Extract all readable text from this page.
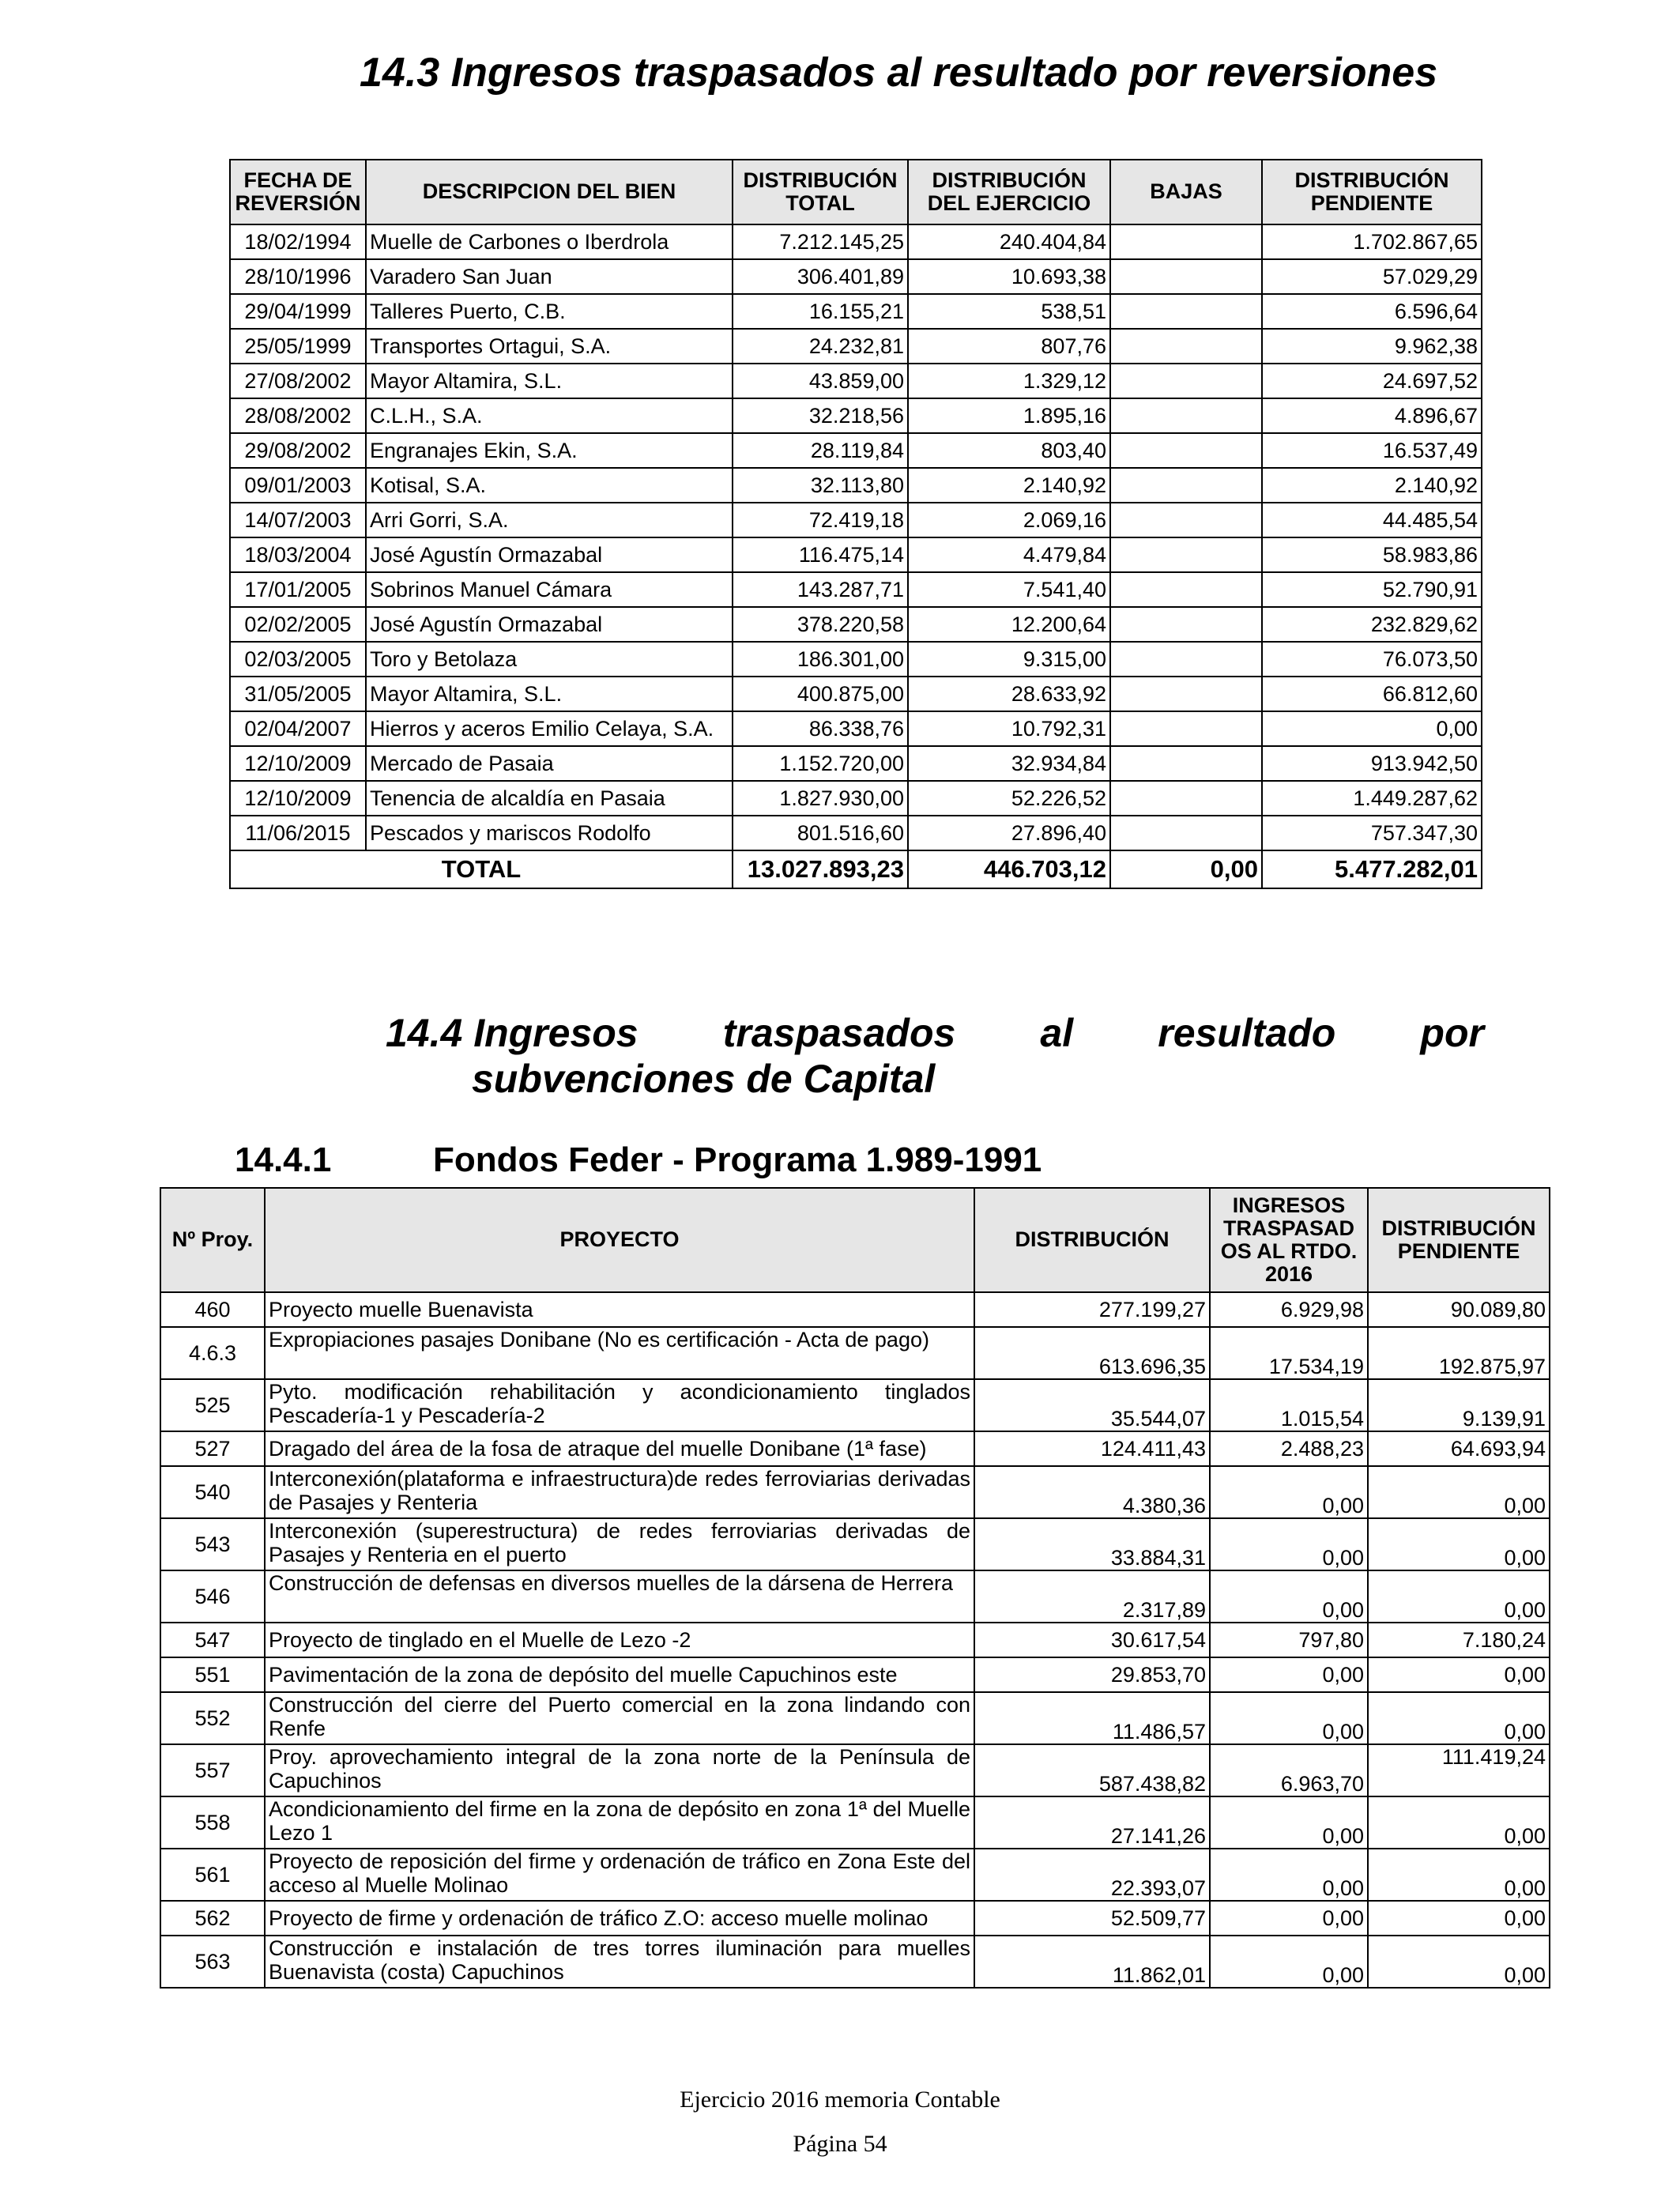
14.3 Ingresos traspasados al resultado por reversiones
FECHA DE REVERSIÓN	DESCRIPCION DEL BIEN	DISTRIBUCIÓN TOTAL	DISTRIBUCIÓN DEL EJERCICIO	BAJAS	DISTRIBUCIÓN PENDIENTE
18/02/1994	Muelle de Carbones o Iberdrola	7.212.145,25	240.404,84		1.702.867,65
28/10/1996	Varadero San Juan	306.401,89	10.693,38		57.029,29
29/04/1999	Talleres Puerto, C.B.	16.155,21	538,51		6.596,64
25/05/1999	Transportes Ortagui, S.A.	24.232,81	807,76		9.962,38
27/08/2002	Mayor Altamira, S.L.	43.859,00	1.329,12		24.697,52
28/08/2002	C.L.H., S.A.	32.218,56	1.895,16		4.896,67
29/08/2002	Engranajes Ekin, S.A.	28.119,84	803,40		16.537,49
09/01/2003	Kotisal, S.A.	32.113,80	2.140,92		2.140,92
14/07/2003	Arri Gorri, S.A.	72.419,18	2.069,16		44.485,54
18/03/2004	José Agustín Ormazabal	116.475,14	4.479,84		58.983,86
17/01/2005	Sobrinos Manuel Cámara	143.287,71	7.541,40		52.790,91
02/02/2005	José Agustín Ormazabal	378.220,58	12.200,64		232.829,62
02/03/2005	Toro y Betolaza	186.301,00	9.315,00		76.073,50
31/05/2005	Mayor Altamira, S.L.	400.875,00	28.633,92		66.812,60
02/04/2007	Hierros y aceros Emilio Celaya, S.A.	86.338,76	10.792,31		0,00
12/10/2009	Mercado de Pasaia	1.152.720,00	32.934,84		913.942,50
12/10/2009	Tenencia de alcaldía en Pasaia	1.827.930,00	52.226,52		1.449.287,62
11/06/2015	Pescados y mariscos Rodolfo	801.516,60	27.896,40		757.347,30
TOTAL		13.027.893,23	446.703,12	0,00	5.477.282,01
14.4 Ingresos traspasados al resultado por
subvenciones de Capital
14.4.1	Fondos Feder - Programa 1.989-1991
Nº Proy.	PROYECTO	DISTRIBUCIÓN	INGRESOS TRASPASAD OS AL RTDO. 2016	DISTRIBUCIÓN PENDIENTE
460	Proyecto muelle Buenavista	277.199,27	6.929,98	90.089,80
4.6.3	Expropiaciones pasajes Donibane (No es certificación - Acta de pago)	613.696,35	17.534,19	192.875,97
525	Pyto. modificación rehabilitación y acondicionamiento tinglados Pescadería-1 y Pescadería-2	35.544,07	1.015,54	9.139,91
527	Dragado del área de la fosa de atraque del muelle Donibane (1ª fase)	124.411,43	2.488,23	64.693,94
540	Interconexión(plataforma e infraestructura)de redes ferroviarias derivadas de Pasajes y Renteria	4.380,36	0,00	0,00
543	Interconexión (superestructura) de redes ferroviarias derivadas de Pasajes y Renteria en el puerto	33.884,31	0,00	0,00
546	Construcción de defensas en diversos muelles de la dársena de Herrera	2.317,89	0,00	0,00
547	Proyecto de tinglado en el Muelle de Lezo -2	30.617,54	797,80	7.180,24
551	Pavimentación de la zona de depósito del muelle Capuchinos este	29.853,70	0,00	0,00
552	Construcción del cierre del Puerto comercial en la zona lindando con Renfe	11.486,57	0,00	0,00
557	Proy. aprovechamiento integral de la zona norte de la Península de Capuchinos	587.438,82	6.963,70	111.419,24
558	Acondicionamiento del firme en la zona de depósito en zona 1ª del Muelle Lezo 1	27.141,26	0,00	0,00
561	Proyecto de reposición del firme y ordenación de tráfico en Zona Este del acceso al Muelle Molinao	22.393,07	0,00	0,00
562	Proyecto de firme y ordenación de tráfico Z.O: acceso muelle molinao	52.509,77	0,00	0,00
563	Construcción e instalación de tres torres iluminación para muelles Buenavista (costa) Capuchinos	11.862,01	0,00	0,00
Ejercicio 2016 memoria Contable
Página 54
